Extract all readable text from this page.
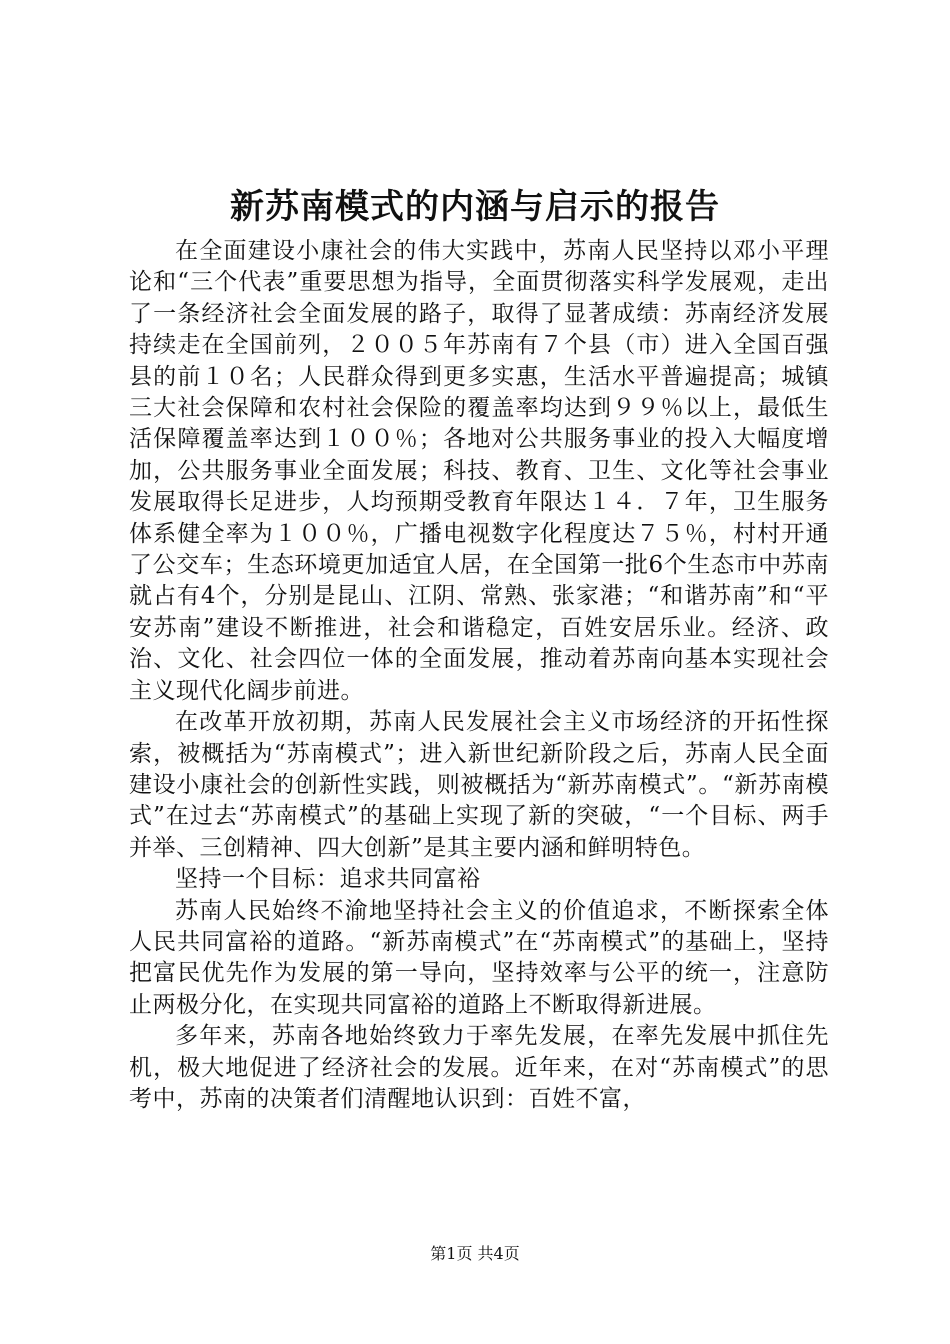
新苏南模式的内涵与启示的报告

在全面建设小康社会的伟大实践中，苏南人民坚持以邓小平理论和“三个代表”重要思想为指导，全面贯彻落实科学发展观，走出了一条经济社会全面发展的路子，取得了显著成绩：苏南经济发展持续走在全国前列，２００５年苏南有７个县（市）进入全国百强县的前１０名；人民群众得到更多实惠，生活水平普遍提高；城镇三大社会保障和农村社会保险的覆盖率均达到９９％以上，最低生活保障覆盖率达到１００％；各地对公共服务事业的投入大幅度增加，公共服务事业全面发展；科技、教育、卫生、文化等社会事业发展取得长足进步，人均预期受教育年限达１４．７年，卫生服务体系健全率为１００％，广播电视数字化程度达７５％，村村开通了公交车；生态环境更加适宜人居，在全国第一批6个生态市中苏南就占有4个，分别是昆山、江阴、常熟、张家港；“和谐苏南”和“平安苏南”建设不断推进，社会和谐稳定，百姓安居乐业。经济、政治、文化、社会四位一体的全面发展，推动着苏南向基本实现社会主义现代化阔步前进。

在改革开放初期，苏南人民发展社会主义市场经济的开拓性探索，被概括为“苏南模式”；进入新世纪新阶段之后，苏南人民全面建设小康社会的创新性实践，则被概括为“新苏南模式”。“新苏南模式”在过去“苏南模式”的基础上实现了新的突破，“一个目标、两手并举、三创精神、四大创新”是其主要内涵和鲜明特色。

坚持一个目标：追求共同富裕

苏南人民始终不渝地坚持社会主义的价值追求，不断探索全体人民共同富裕的道路。“新苏南模式”在“苏南模式”的基础上，坚持把富民优先作为发展的第一导向，坚持效率与公平的统一，注意防止两极分化，在实现共同富裕的道路上不断取得新进展。

多年来，苏南各地始终致力于率先发展，在率先发展中抓住先机，极大地促进了经济社会的发展。近年来，在对“苏南模式”的思考中，苏南的决策者们清醒地认识到：百姓不富，

第1页 共4页
